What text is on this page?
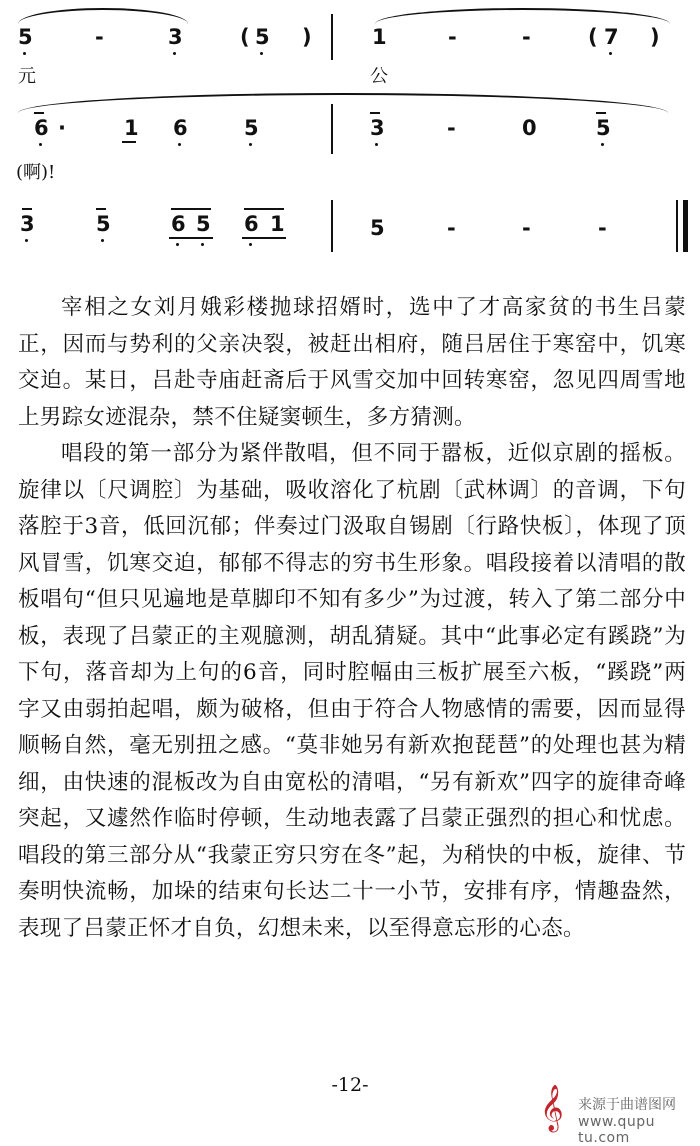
5	-	3	( 5 )	1	-	-	( 7 )
元	公
6 ·	1 6	5	3	-	0	5
(啊)!
3	5	6 5 6 1	5	-	-	-

宰相之女刘月娥彩楼抛球招婿时，选中了才高家贫的书生吕蒙正，因而与势利的父亲决裂，被赶出相府，随吕居住于寒窑中，饥寒交迫。某日，吕赴寺庙赶斋后于风雪交加中回转寒窑，忽见四周雪地上男踪女迹混杂，禁不住疑窦顿生，多方猜测。

唱段的第一部分为紧伴散唱，但不同于嚣板，近似京剧的摇板。旋律以〔尺调腔〕为基础，吸收溶化了杭剧〔武林调〕的音调，下句落腔于3音，低回沉郁；伴奏过门汲取自锡剧〔行路快板〕，体现了顶风冒雪，饥寒交迫，郁郁不得志的穷书生形象。唱段接着以清唱的散板唱句“但只见遍地是草脚印不知有多少”为过渡，转入了第二部分中板，表现了吕蒙正的主观臆测，胡乱猜疑。其中“此事必定有蹊跷”为下句，落音却为上句的6音，同时腔幅由三板扩展至六板，“蹊跷”两字又由弱拍起唱，颇为破格，但由于符合人物感情的需要，因而显得顺畅自然，毫无别扭之感。“莫非她另有新欢抱琵琶”的处理也甚为精细，由快速的混板改为自由宽松的清唱，“另有新欢”四字的旋律奇峰突起，又遽然作临时停顿，生动地表露了吕蒙正强烈的担心和忧虑。唱段的第三部分从“我蒙正穷只穷在冬”起，为稍快的中板，旋律、节奏明快流畅，加垛的结束句长达二十一小节，安排有序，情趣盎然，表现了吕蒙正怀才自负，幻想未来，以至得意忘形的心态。

-12-	𝄞 来源于曲谱图网
www.qupu tu.com
